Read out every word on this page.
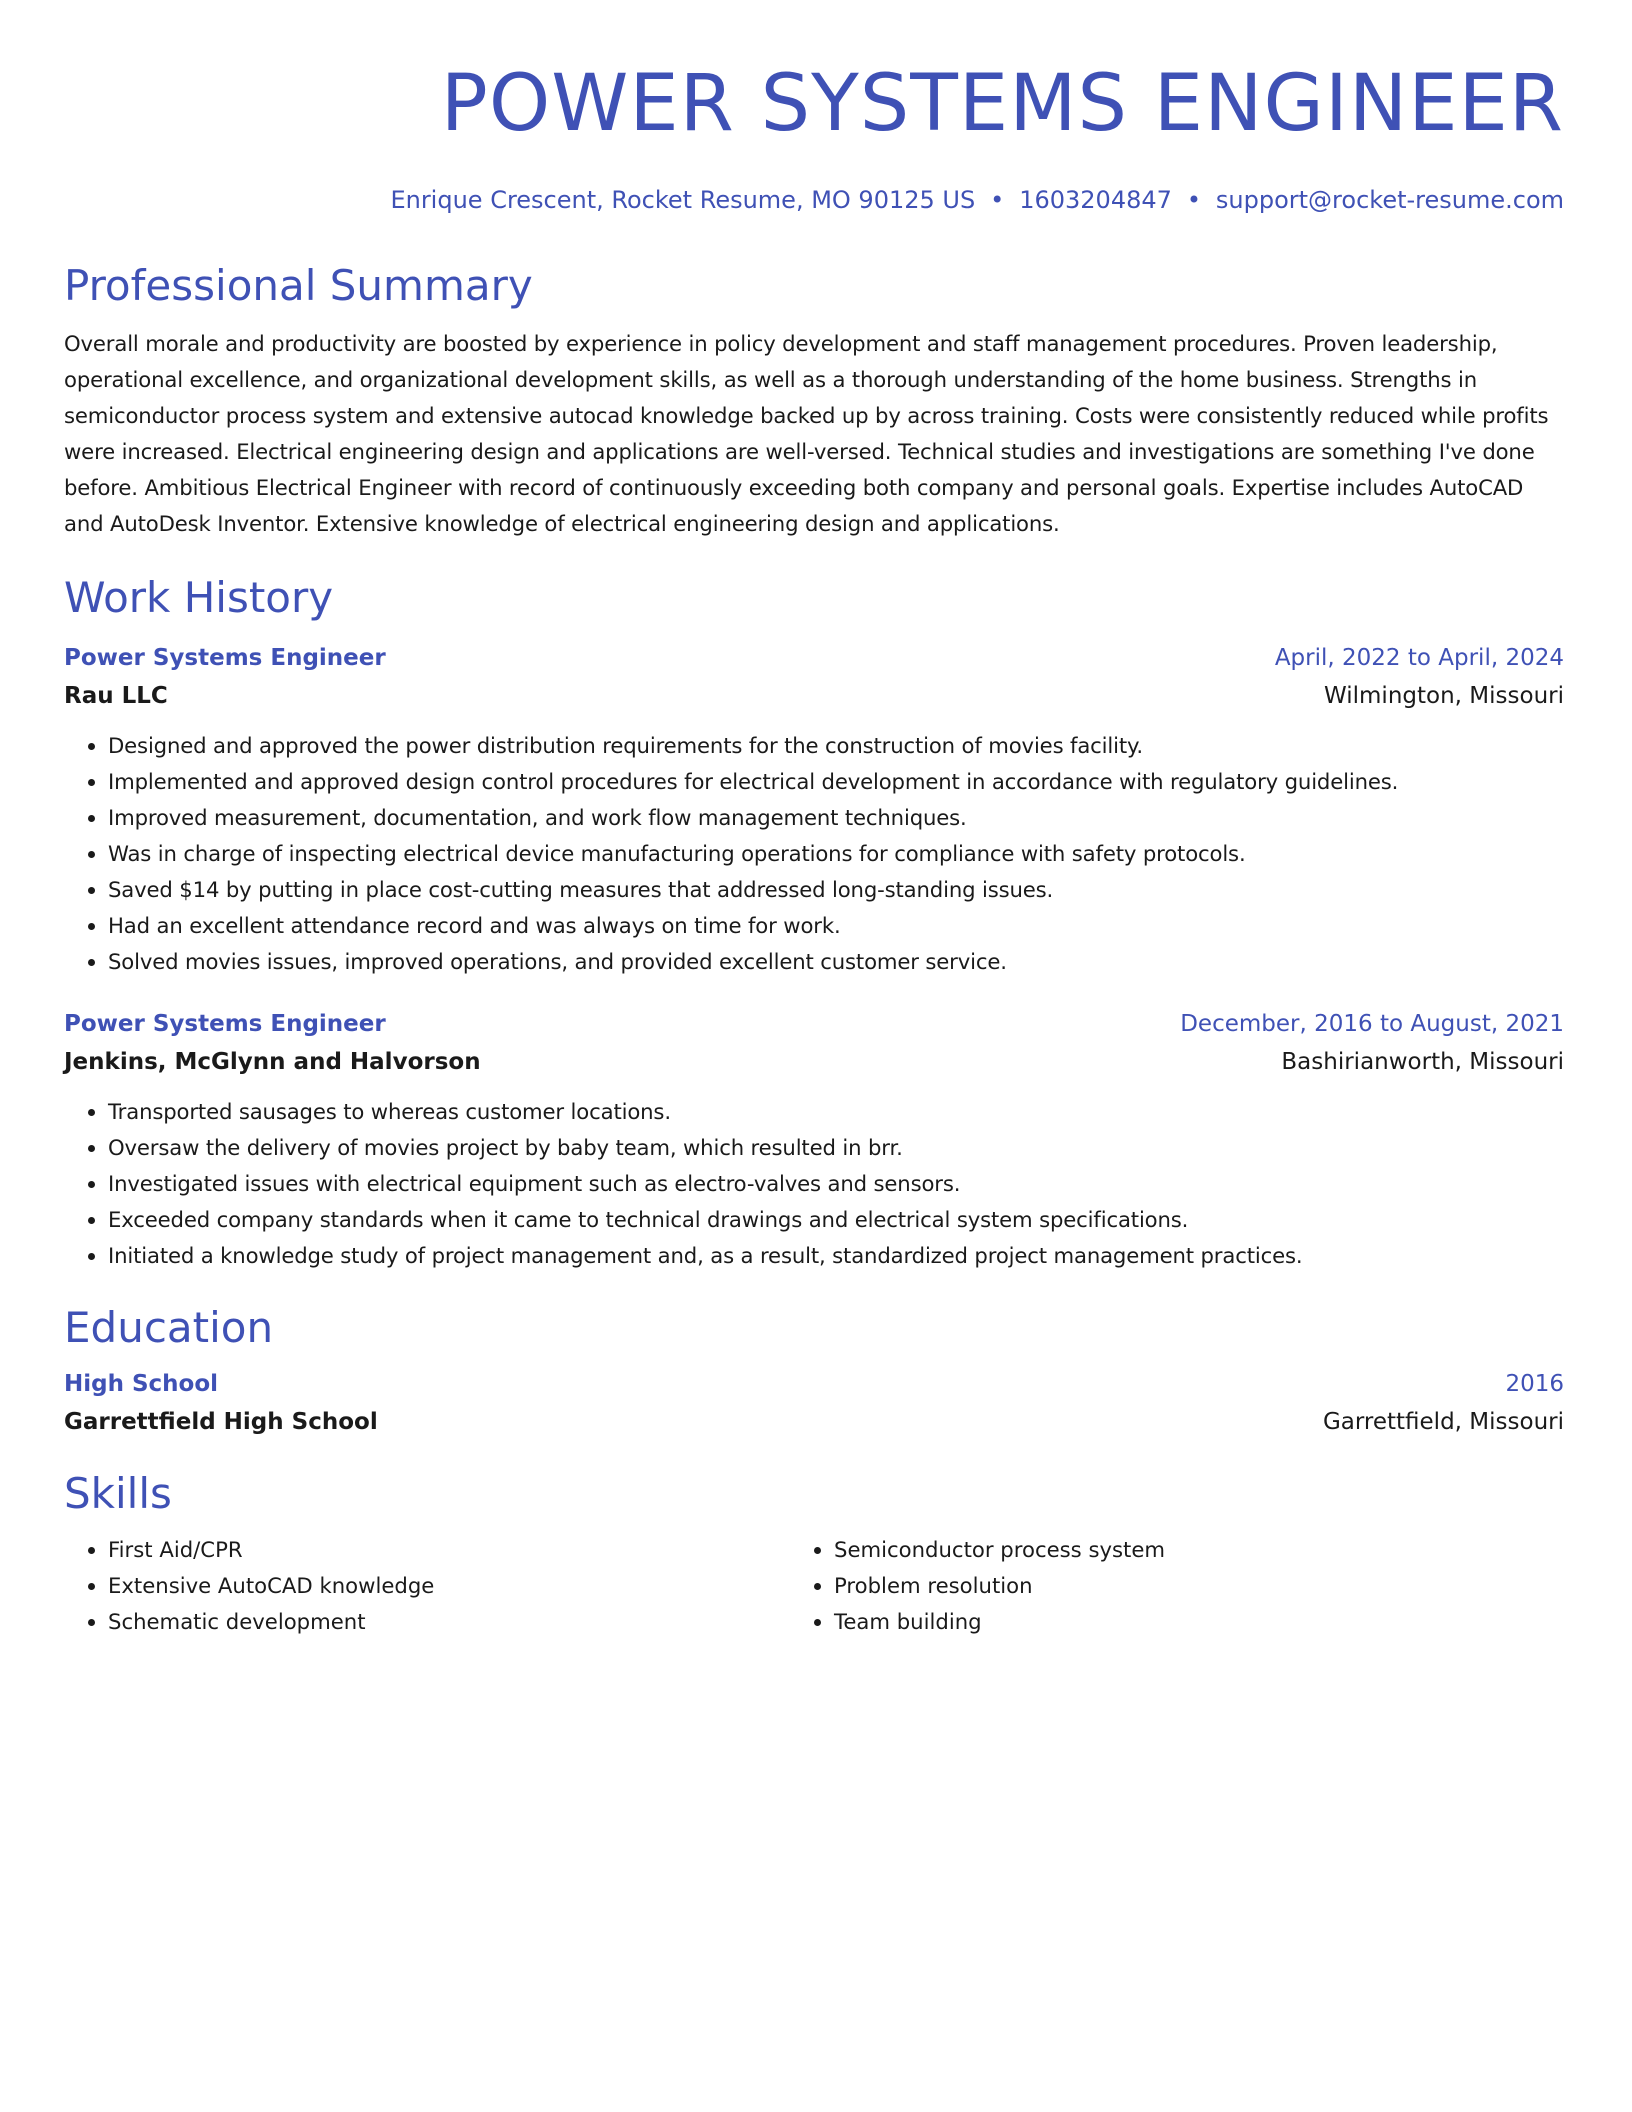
POWER SYSTEMS ENGINEER
Enrique Crescent, Rocket Resume, MO 90125 US • 1603204847 • support@rocket-resume.com
Professional Summary
Overall morale and productivity are boosted by experience in policy development and staff management procedures. Proven leadership, operational excellence, and organizational development skills, as well as a thorough understanding of the home business. Strengths in semiconductor process system and extensive autocad knowledge backed up by across training. Costs were consistently reduced while profits were increased. Electrical engineering design and applications are well-versed. Technical studies and investigations are something I've done before. Ambitious Electrical Engineer with record of continuously exceeding both company and personal goals. Expertise includes AutoCAD and AutoDesk Inventor. Extensive knowledge of electrical engineering design and applications.
Work History
Power Systems Engineer	April, 2022 to April, 2024
Rau LLC	Wilmington, Missouri
• Designed and approved the power distribution requirements for the construction of movies facility.
• Implemented and approved design control procedures for electrical development in accordance with regulatory guidelines.
• Improved measurement, documentation, and work flow management techniques.
• Was in charge of inspecting electrical device manufacturing operations for compliance with safety protocols.
• Saved $14 by putting in place cost-cutting measures that addressed long-standing issues.
• Had an excellent attendance record and was always on time for work.
• Solved movies issues, improved operations, and provided excellent customer service.
Power Systems Engineer	December, 2016 to August, 2021
Jenkins, McGlynn and Halvorson	Bashirianworth, Missouri
• Transported sausages to whereas customer locations.
• Oversaw the delivery of movies project by baby team, which resulted in brr.
• Investigated issues with electrical equipment such as electro-valves and sensors.
• Exceeded company standards when it came to technical drawings and electrical system specifications.
• Initiated a knowledge study of project management and, as a result, standardized project management practices.
Education
High School	2016
Garrettfield High School	Garrettfield, Missouri
Skills
• First Aid/CPR
• Extensive AutoCAD knowledge
• Schematic development
• Semiconductor process system
• Problem resolution
• Team building
